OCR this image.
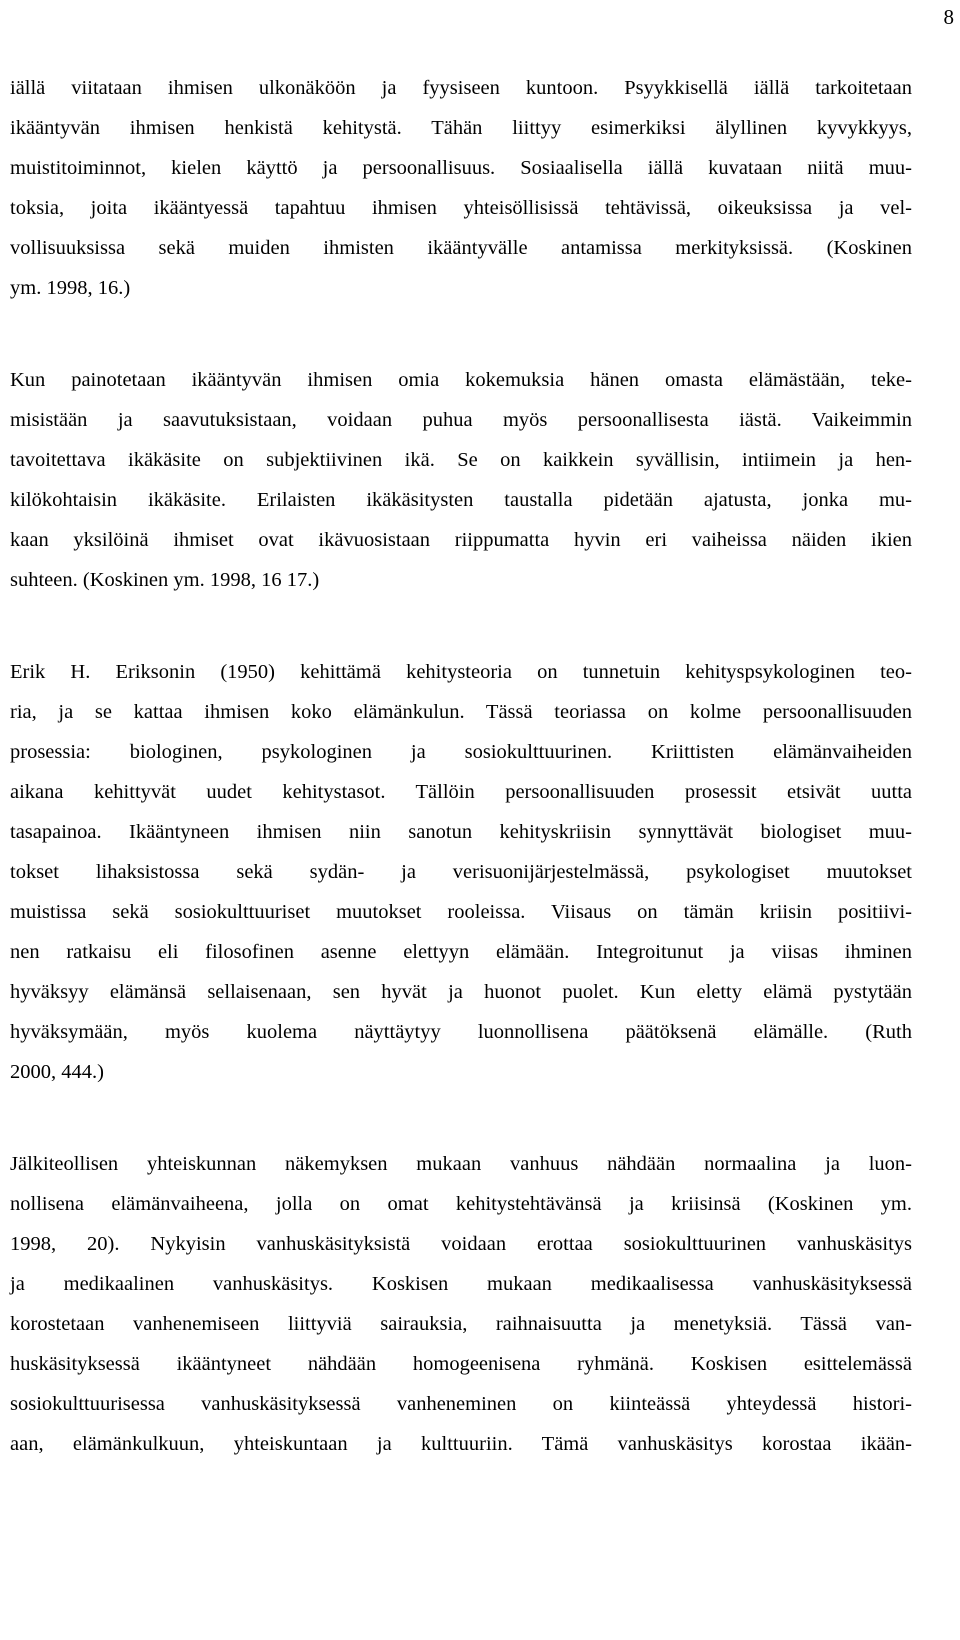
8
iällä viitataan ihmisen ulkonäköön ja fyysiseen kuntoon. Psyykkisellä iällä tarkoitetaan
ikääntyvän ihmisen henkistä kehitystä. Tähän liittyy esimerkiksi älyllinen kyvykkyys,
muistitoiminnot, kielen käyttö ja persoonallisuus. Sosiaalisella iällä kuvataan niitä muu-
toksia, joita ikääntyessä tapahtuu ihmisen yhteisöllisissä tehtävissä, oikeuksissa ja vel-
vollisuuksissa sekä muiden ihmisten ikääntyvälle antamissa merkityksissä. (Koskinen
ym. 1998, 16.)
Kun painotetaan ikääntyvän ihmisen omia kokemuksia hänen omasta elämästään, teke-
misistään ja saavutuksistaan, voidaan puhua myös persoonallisesta iästä. Vaikeimmin
tavoitettava ikäkäsite on subjektiivinen ikä. Se on kaikkein syvällisin, intiimein ja hen-
kilökohtaisin ikäkäsite. Erilaisten ikäkäsitysten taustalla pidetään ajatusta, jonka mu-
kaan yksilöinä ihmiset ovat ikävuosistaan riippumatta hyvin eri vaiheissa näiden ikien
suhteen. (Koskinen ym. 1998, 16 17.)
Erik H. Eriksonin (1950) kehittämä kehitysteoria on tunnetuin kehityspsykologinen teo-
ria, ja se kattaa ihmisen koko elämänkulun. Tässä teoriassa on kolme persoonallisuuden
prosessia: biologinen, psykologinen ja sosiokulttuurinen. Kriittisten elämänvaiheiden
aikana kehittyvät uudet kehitystasot. Tällöin persoonallisuuden prosessit etsivät uutta
tasapainoa. Ikääntyneen ihmisen niin sanotun kehityskriisin synnyttävät biologiset muu-
tokset lihaksistossa sekä sydän- ja verisuonijärjestelmässä, psykologiset muutokset
muistissa sekä sosiokulttuuriset muutokset rooleissa. Viisaus on tämän kriisin positiivi-
nen ratkaisu eli filosofinen asenne elettyyn elämään. Integroitunut ja viisas ihminen
hyväksyy elämänsä sellaisenaan, sen hyvät ja huonot puolet. Kun eletty elämä pystytään
hyväksymään, myös kuolema näyttäytyy luonnollisena päätöksenä elämälle. (Ruth
2000, 444.)
Jälkiteollisen yhteiskunnan näkemyksen mukaan vanhuus nähdään normaalina ja luon-
nollisena elämänvaiheena, jolla on omat kehitystehtävänsä ja kriisinsä (Koskinen ym.
1998, 20). Nykyisin vanhuskäsityksistä voidaan erottaa sosiokulttuurinen vanhuskäsitys
ja medikaalinen vanhuskäsitys. Koskisen mukaan medikaalisessa vanhuskäsityksessä
korostetaan vanhenemiseen liittyviä sairauksia, raihnaisuutta ja menetyksiä. Tässä van-
huskäsityksessä ikääntyneet nähdään homogeenisena ryhmänä. Koskisen esittelemässä
sosiokulttuurisessa vanhuskäsityksessä vanheneminen on kiinteässä yhteydessä histori-
aan, elämänkulkuun, yhteiskuntaan ja kulttuuriin. Tämä vanhuskäsitys korostaa ikään-
